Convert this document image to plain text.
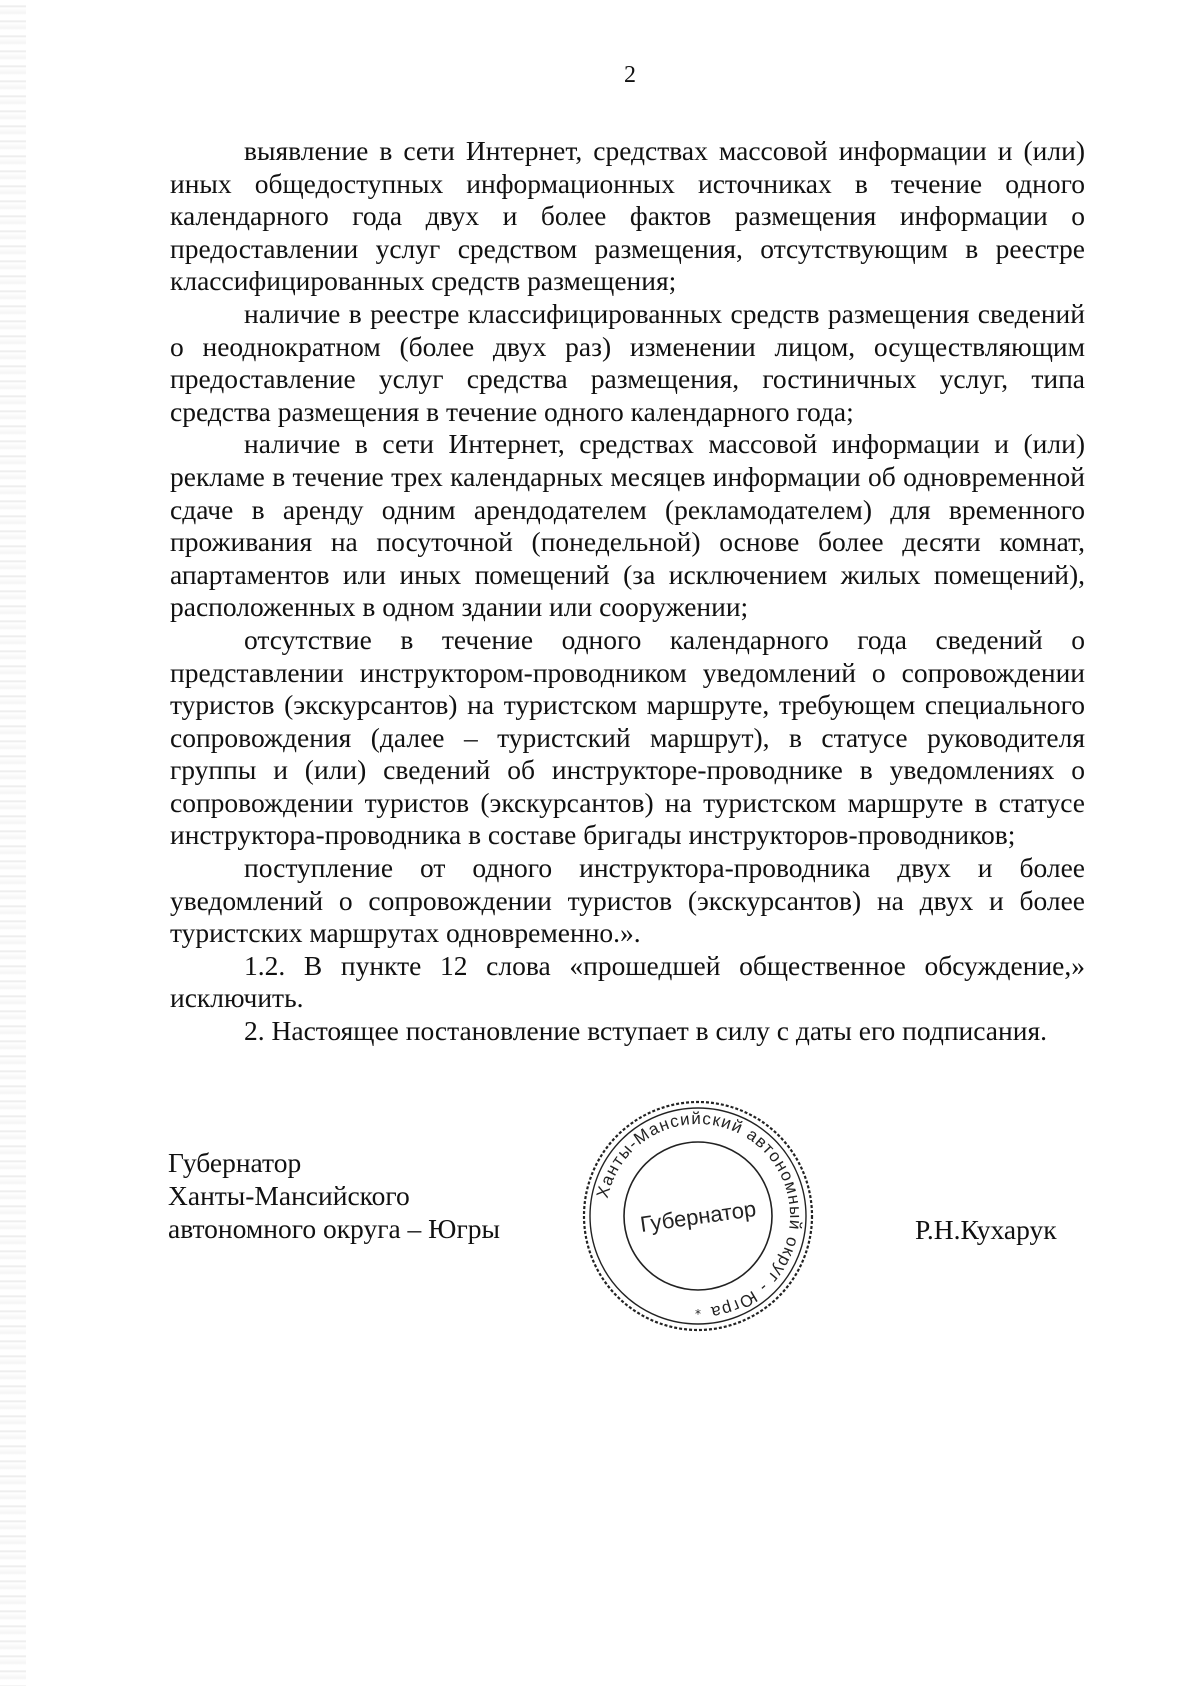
2

выявление в сети Интернет, средствах массовой информации и (или) иных общедоступных информационных источниках в течение одного календарного года двух и более фактов размещения информации о предоставлении услуг средством размещения, отсутствующим в реестре классифицированных средств размещения;

наличие в реестре классифицированных средств размещения сведений о неоднократном (более двух раз) изменении лицом, осуществляющим предоставление услуг средства размещения, гостиничных услуг, типа средства размещения в течение одного календарного года;

наличие в сети Интернет, средствах массовой информации и (или) рекламе в течение трех календарных месяцев информации об одновременной сдаче в аренду одним арендодателем (рекламодателем) для временного проживания на посуточной (понедельной) основе более десяти комнат, апартаментов или иных помещений (за исключением жилых помещений), расположенных в одном здании или сооружении;

отсутствие в течение одного календарного года сведений о представлении инструктором-проводником уведомлений о сопровождении туристов (экскурсантов) на туристском маршруте, требующем специального сопровождения (далее – туристский маршрут), в статусе руководителя группы и (или) сведений об инструкторе-проводнике в уведомлениях о сопровождении туристов (экскурсантов) на туристском маршруте в статусе инструктора-проводника в составе бригады инструкторов-проводников;

поступление от одного инструктора-проводника двух и более уведомлений о сопровождении туристов (экскурсантов) на двух и более туристских маршрутах одновременно.».

1.2. В пункте 12 слова «прошедшей общественное обсуждение,» исключить.

2. Настоящее постановление вступает в силу с даты его подписания.

Губернатор
Ханты-Мансийского
автономного округа – Югры	Р.Н.Кухарук
Ханты-Мансийский автономный округ - Югра
Губернатор
*
